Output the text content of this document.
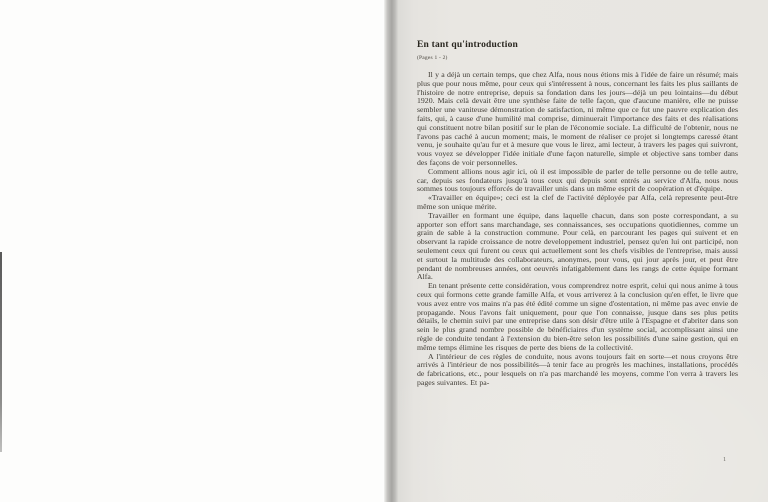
En tant qu'introduction
(Pages 1 - 2)

Il y a déjà un certain temps, que chez Alfa, nous nous étions mis à l'idée de faire un résumé; mais plus que pour nous même, pour ceux qui s'intéressent à nous, concernant les faits les plus saillants de l'histoire de notre entreprise, depuis sa fondation dans les jours—déjà un peu lointains—du début 1920. Mais celà devait être une synthèse faite de telle façon, que d'aucune manière, elle ne puisse sembler une vaniteuse démonstration de satisfaction, ni même que ce fut une pauvre explication des faits, qui, à cause d'une humilité mal comprise, diminuerait l'importance des faits et des réalisations qui constituent notre bilan positif sur le plan de l'économie sociale. La difficulté de l'obtenir, nous ne l'avons pas caché à aucun moment; mais, le moment de réaliser ce projet si longtemps caressé étant venu, je souhaite qu'au fur et à mesure que vous le lirez, ami lecteur, à travers les pages qui suivront, vous voyez se développer l'idée initiale d'une façon naturelle, simple et objective sans tomber dans des façons de voir personnelles.

Comment allions nous agir ici, où il est impossible de parler de telle personne ou de telle autre, car, depuis ses fondateurs jusqu'à tous ceux qui depuis sont entrés au service d'Alfa, nous nous sommes tous toujours efforcés de travailler unis dans un même esprit de coopération et d'équipe.

«Travailler en équipe»; ceci est la clef de l'activité déployée par Alfa, celà represente peut-être même son unique mérite.

Travailler en formant une équipe, dans laquelle chacun, dans son poste correspondant, a su apporter son effort sans marchandage, ses connaissances, ses occupations quotidiennes, comme un grain de sable à la construction commune. Pour celà, en parcourant les pages qui suivent et en observant la rapide croissance de notre developpement industriel, pensez qu'en lui ont participé, non seulement ceux qui furent ou ceux qui actuellement sont les chefs visibles de l'entreprise, mais aussi et surtout la multitude des collaborateurs, anonymes, pour vous, qui jour après jour, et peut être pendant de nombreuses années, ont oeuvrés infatigablement dans les rangs de cette équipe formant Alfa.

En tenant présente cette considération, vous comprendrez notre esprit, celui qui nous anime à tous ceux qui formons cette grande famille Alfa, et vous arriverez à la conclusion qu'en effet, le livre que vous avez entre vos mains n'a pas été édité comme un signe d'ostentation, ni même pas avec envie de propagande. Nous l'avons fait uniquement, pour que l'on connaisse, jusque dans ses plus petits détails, le chemin suivi par une entreprise dans son désir d'être utile à l'Espagne et d'abriter dans son sein le plus grand nombre possible de bénéficiaires d'un système social, accomplissant ainsi une règle de conduite tendant à l'extension du bien-être selon les possibilités d'une saine gestion, qui en même temps élimine les risques de perte des biens de la collectivité.

A l'intérieur de ces règles de conduite, nous avons toujours fait en sorte—et nous croyons être arrivés à l'intérieur de nos possibilités—à tenir face au progrès les machines, installations, procédés de fabrications, etc., pour lesquels on n'a pas marchandé les moyens, comme l'on verra à travers les pages suivantes. Et pa-

1
